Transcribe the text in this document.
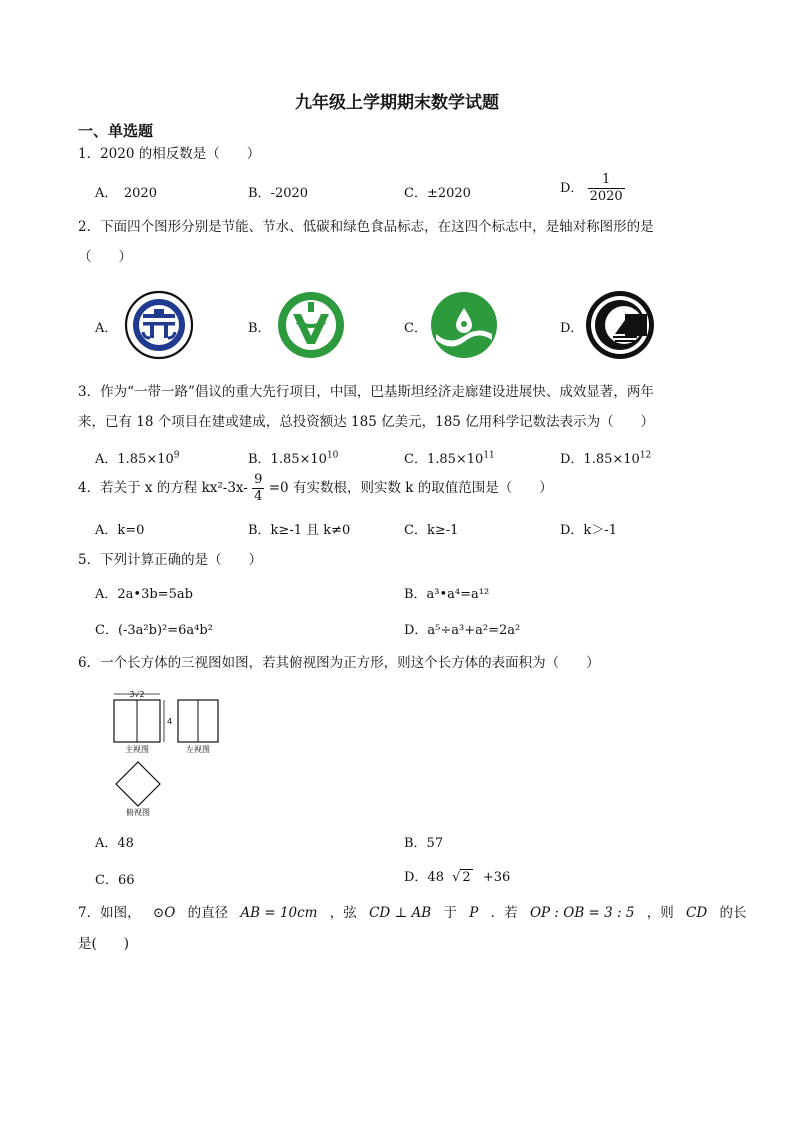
九年级上学期期末数学试题
一、单选题
1．2020 的相反数是（　　）
A．　2020	B．-2020	C．±2020	D． $\frac{1}{2020}$
2．下面四个图形分别是节能、节水、低碳和绿色食品标志，在这四个标志中，是轴对称图形的是
（　　）
A．	B．	C．	D．
3．作为“一带一路”倡议的重大先行项目，中国，巴基斯坦经济走廊建设进展快、成效显著，两年
来，已有 18 个项目在建或建成，总投资额达 185 亿美元，185 亿用科学记数法表示为（　　）
A．$1.85\times 10^9$	B．$1.85\times 10^{10}$	C．$1.85\times 10^{11}$	D．$1.85\times 10^{12}$
4．若关于 x 的方程 $kx^2-3x- \frac{9}{4} =0$ 有实数根，则实数 k 的取值范围是（　　）
A．k=0	B．k≥-1 且 k≠0	C．k≥-1	D．k＞-1
5．下列计算正确的是（　　）
A．2a•3b=5ab	B．a³•a⁴=a¹²
C．(-3a²b)²=6a⁴b²	D．a⁵÷a³+a²=2a²
6．一个长方体的三视图如图，若其俯视图为正方形，则这个长方体的表面积为（　　）
3√2
4
主视图	左视图
俯视图
A．48	B．57
C．66	D．48 √ 2 +36
7．如图， ⊙O 的直径 AB = 10cm ，弦 CD ⊥ AB 于 P ．若 OP : OB = 3 : 5 ，则 CD 的长
是(　　)
